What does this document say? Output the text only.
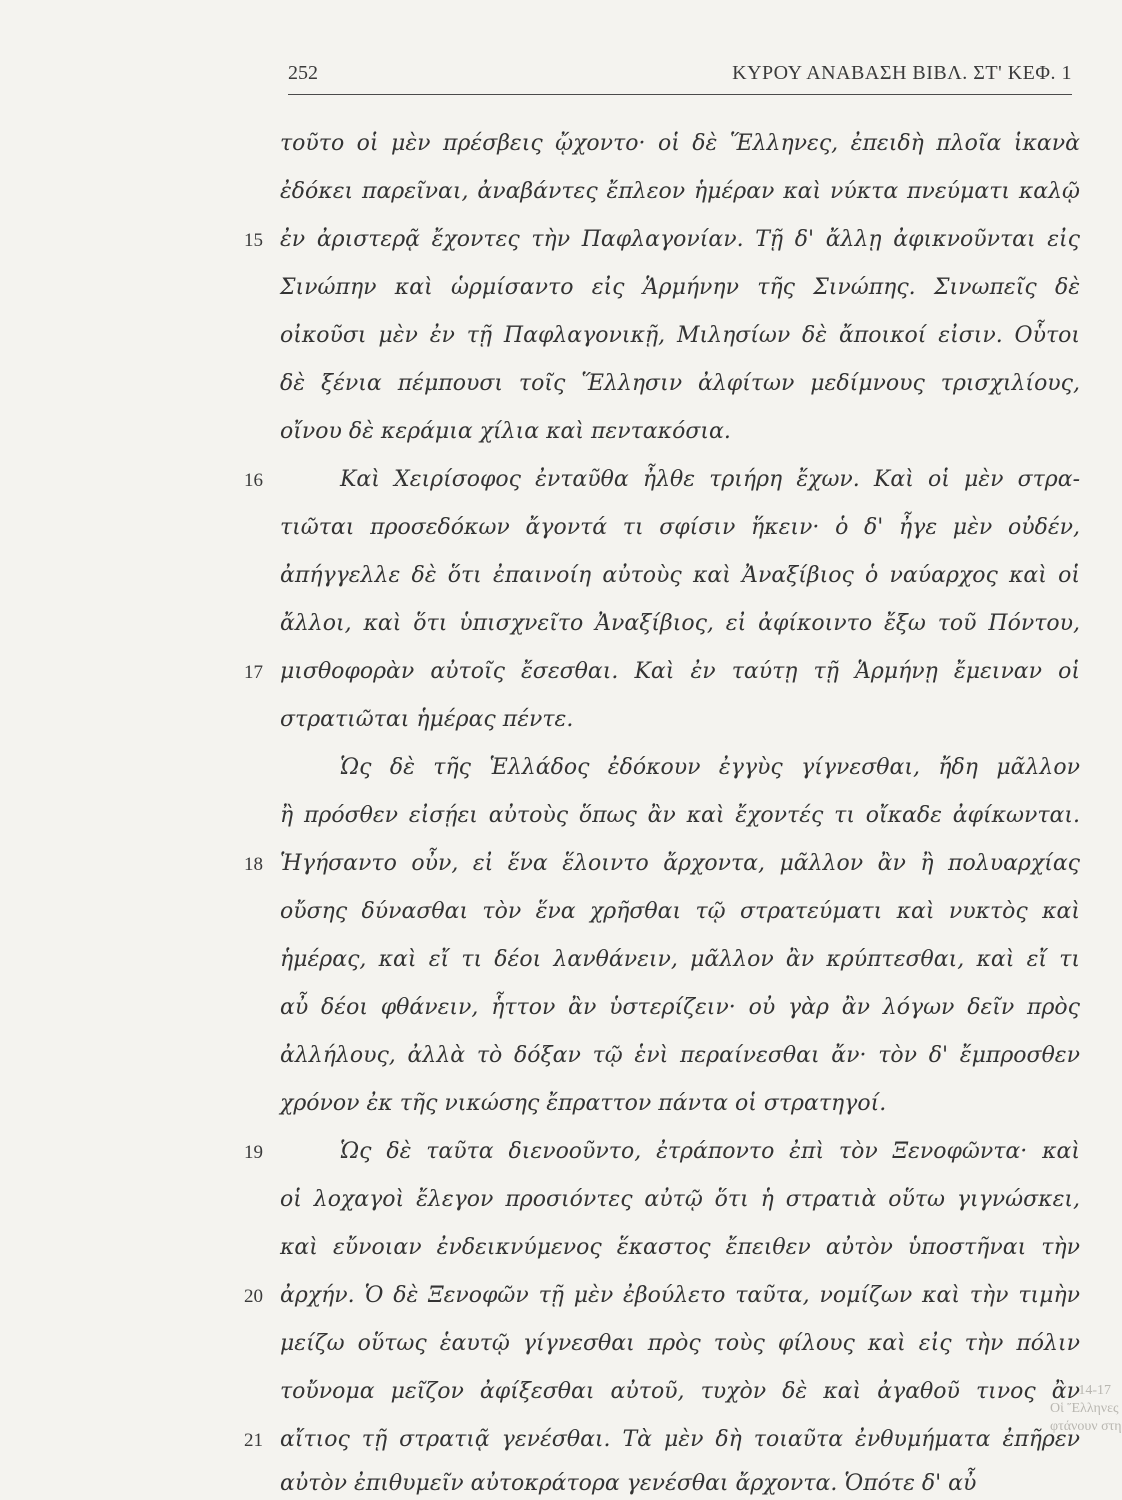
252	ΚΥΡΟΥ ΑΝΑΒΑΣΗ ΒΙΒΛ. ΣΤ' ΚΕΦ. 1
τοῦτο οἱ μὲν πρέσβεις ᾤχοντο· οἱ δὲ Ἕλληνες, ἐπειδὴ πλοῖα ἱκανὰ
ἐδόκει παρεῖναι, ἀναβάντες ἔπλεον ἡμέραν καὶ νύκτα πνεύματι καλῷ
ἐν ἀριστερᾷ ἔχοντες τὴν Παφλαγονίαν. Τῇ δ' ἄλλῃ ἀφικνοῦνται εἰς
Σινώπην καὶ ὡρμίσαντο εἰς Ἁρμήνην τῆς Σινώπης. Σινωπεῖς δὲ
οἰκοῦσι μὲν ἐν τῇ Παφλαγονικῇ, Μιλησίων δὲ ἄποικοί εἰσιν. Οὗτοι
δὲ ξένια πέμπουσι τοῖς Ἕλλησιν ἀλφίτων μεδίμνους τρισχιλίους,
οἴνου δὲ κεράμια χίλια καὶ πεντακόσια.
Καὶ Χειρίσοφος ἐνταῦθα ἦλθε τριήρη ἔχων. Καὶ οἱ μὲν στρα-
τιῶται προσεδόκων ἄγοντά τι σφίσιν ἥκειν· ὁ δ' ἦγε μὲν οὐδέν,
ἀπήγγελλε δὲ ὅτι ἐπαινοίη αὐτοὺς καὶ Ἀναξίβιος ὁ ναύαρχος καὶ οἱ
ἄλλοι, καὶ ὅτι ὑπισχνεῖτο Ἀναξίβιος, εἰ ἀφίκοιντο ἔξω τοῦ Πόντου,
μισθοφορὰν αὐτοῖς ἔσεσθαι. Καὶ ἐν ταύτῃ τῇ Ἁρμήνῃ ἔμειναν οἱ
στρατιῶται ἡμέρας πέντε.
Ὡς δὲ τῆς Ἑλλάδος ἐδόκουν ἐγγὺς γίγνεσθαι, ἤδη μᾶλλον
ἢ πρόσθεν εἰσῄει αὐτοὺς ὅπως ἂν καὶ ἔχοντές τι οἴκαδε ἀφίκωνται.
Ἡγήσαντο οὖν, εἰ ἕνα ἕλοιντο ἄρχοντα, μᾶλλον ἂν ἢ πολυαρχίας
οὔσης δύνασθαι τὸν ἕνα χρῆσθαι τῷ στρατεύματι καὶ νυκτὸς καὶ
ἡμέρας, καὶ εἴ τι δέοι λανθάνειν, μᾶλλον ἂν κρύπτεσθαι, καὶ εἴ τι
αὖ δέοι φθάνειν, ἧττον ἂν ὑστερίζειν· οὐ γὰρ ἂν λόγων δεῖν πρὸς
ἀλλήλους, ἀλλὰ τὸ δόξαν τῷ ἑνὶ περαίνεσθαι ἄν· τὸν δ' ἔμπροσθεν
χρόνον ἐκ τῆς νικώσης ἔπραττον πάντα οἱ στρατηγοί.
Ὡς δὲ ταῦτα διενοοῦντο, ἐτράποντο ἐπὶ τὸν Ξενοφῶντα· καὶ
οἱ λοχαγοὶ ἔλεγον προσιόντες αὐτῷ ὅτι ἡ στρατιὰ οὕτω γιγνώσκει,
καὶ εὔνοιαν ἐνδεικνύμενος ἕκαστος ἔπειθεν αὐτὸν ὑποστῆναι τὴν
ἀρχήν. Ὁ δὲ Ξενοφῶν τῇ μὲν ἐβούλετο ταῦτα, νομίζων καὶ τὴν τιμὴν
μείζω οὕτως ἑαυτῷ γίγνεσθαι πρὸς τοὺς φίλους καὶ εἰς τὴν πόλιν
τοὔνομα μεῖζον ἀφίξεσθαι αὐτοῦ, τυχὸν δὲ καὶ ἀγαθοῦ τινος ἂν
αἴτιος τῇ στρατιᾷ γενέσθαι. Τὰ μὲν δὴ τοιαῦτα ἐνθυμήματα ἐπῆρεν
αὐτὸν ἐπιθυμεῖν αὐτοκράτορα γενέσθαι ἄρχοντα. Ὁπότε δ' αὖ
15
16
17
18
19
20
21
14-17
Οἱ Ἕλληνες
φτάνουν στη
